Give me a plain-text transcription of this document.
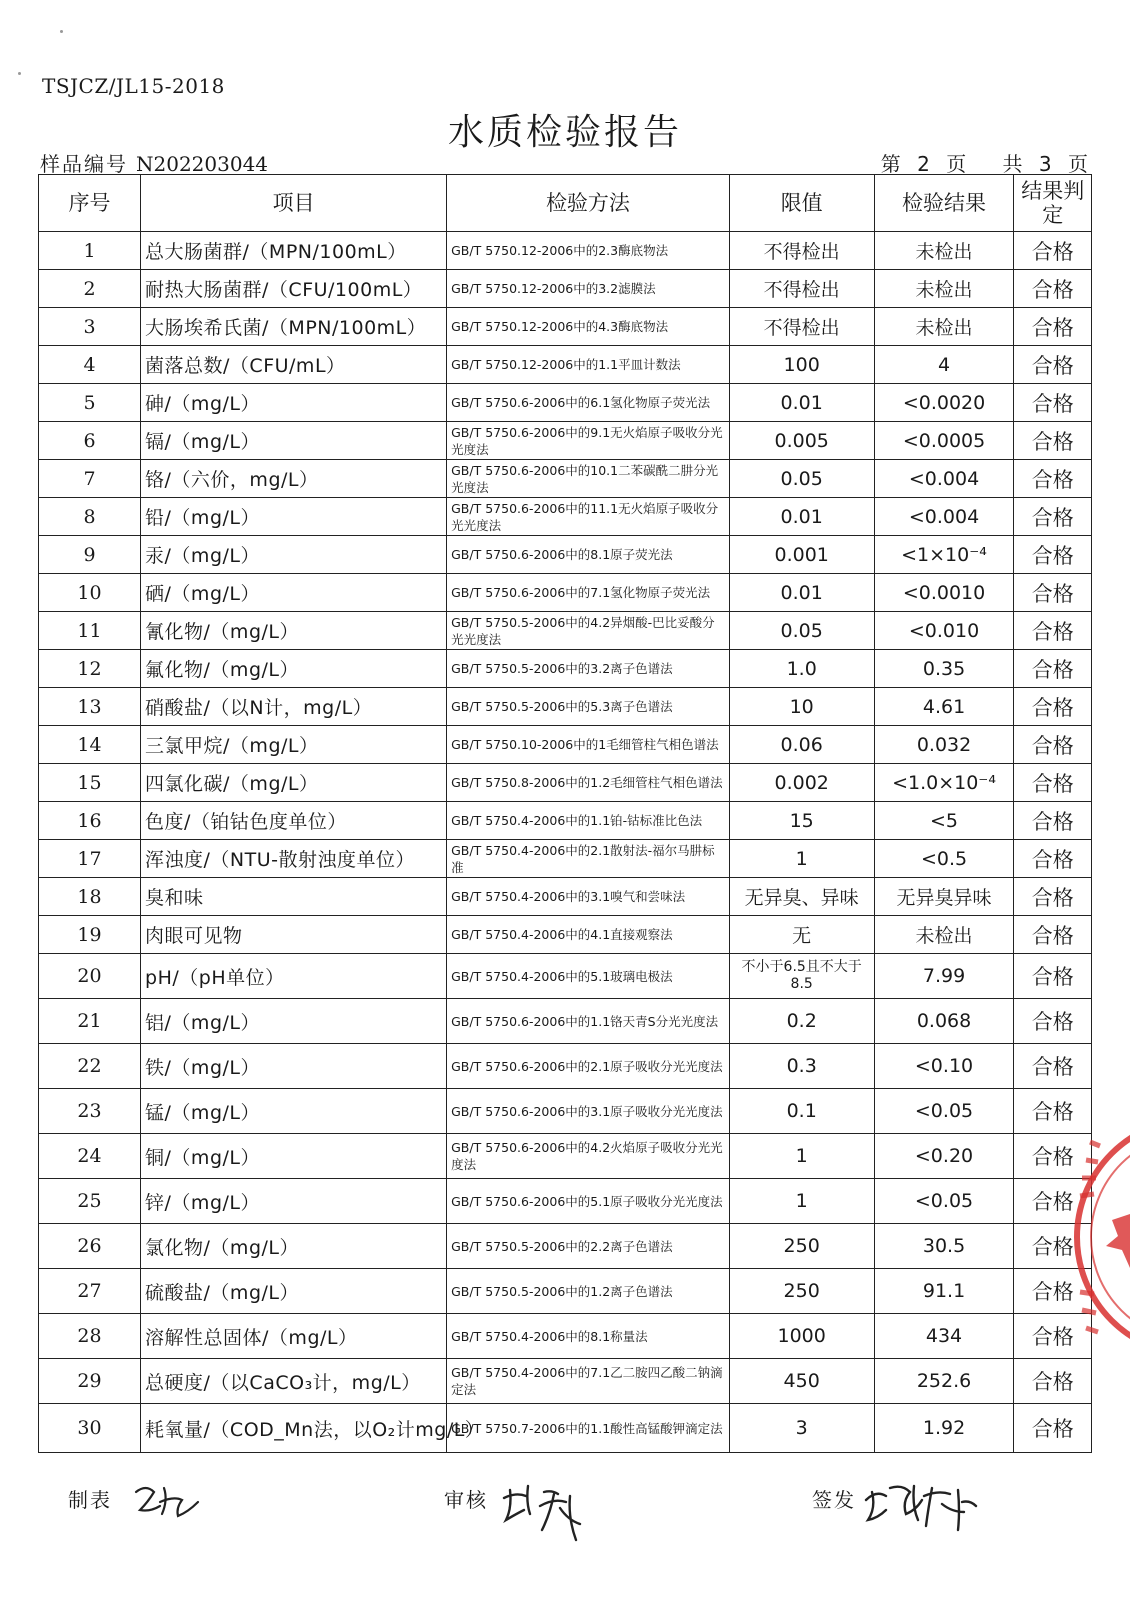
TSJCZ/JL15-2018
水质检验报告
样品编号 N202203044	第 2 页 共 3 页
序号	项目	检验方法	限值	检验结果	结果判定
1	总大肠菌群/（MPN/100mL）	GB/T 5750.12-2006中的2.3酶底物法	不得检出	未检出	合格
2	耐热大肠菌群/（CFU/100mL）	GB/T 5750.12-2006中的3.2滤膜法	不得检出	未检出	合格
3	大肠埃希氏菌/（MPN/100mL）	GB/T 5750.12-2006中的4.3酶底物法	不得检出	未检出	合格
4	菌落总数/（CFU/mL）	GB/T 5750.12-2006中的1.1平皿计数法	100	4	合格
5	砷/（mg/L）	GB/T 5750.6-2006中的6.1氢化物原子荧光法	0.01	<0.0020	合格
6	镉/（mg/L）	GB/T 5750.6-2006中的9.1无火焰原子吸收分光光度法	0.005	<0.0005	合格
7	铬/（六价，mg/L）	GB/T 5750.6-2006中的10.1二苯碳酰二肼分光光度法	0.05	<0.004	合格
8	铅/（mg/L）	GB/T 5750.6-2006中的11.1无火焰原子吸收分光光度法	0.01	<0.004	合格
9	汞/（mg/L）	GB/T 5750.6-2006中的8.1原子荧光法	0.001	<1×10⁻⁴	合格
10	硒/（mg/L）	GB/T 5750.6-2006中的7.1氢化物原子荧光法	0.01	<0.0010	合格
11	氰化物/（mg/L）	GB/T 5750.5-2006中的4.2异烟酸-巴比妥酸分光光度法	0.05	<0.010	合格
12	氟化物/（mg/L）	GB/T 5750.5-2006中的3.2离子色谱法	1.0	0.35	合格
13	硝酸盐/（以N计，mg/L）	GB/T 5750.5-2006中的5.3离子色谱法	10	4.61	合格
14	三氯甲烷/（mg/L）	GB/T 5750.10-2006中的1毛细管柱气相色谱法	0.06	0.032	合格
15	四氯化碳/（mg/L）	GB/T 5750.8-2006中的1.2毛细管柱气相色谱法	0.002	<1.0×10⁻⁴	合格
16	色度/（铂钴色度单位）	GB/T 5750.4-2006中的1.1铂-钴标准比色法	15	<5	合格
17	浑浊度/（NTU-散射浊度单位）	GB/T 5750.4-2006中的2.1散射法-福尔马肼标准	1	<0.5	合格
18	臭和味	GB/T 5750.4-2006中的3.1嗅气和尝味法	无异臭、异味	无异臭异味	合格
19	肉眼可见物	GB/T 5750.4-2006中的4.1直接观察法	无	未检出	合格
20	pH/（pH单位）	GB/T 5750.4-2006中的5.1玻璃电极法	不小于6.5且不大于8.5	7.99	合格
21	铝/（mg/L）	GB/T 5750.6-2006中的1.1铬天青S分光光度法	0.2	0.068	合格
22	铁/（mg/L）	GB/T 5750.6-2006中的2.1原子吸收分光光度法	0.3	<0.10	合格
23	锰/（mg/L）	GB/T 5750.6-2006中的3.1原子吸收分光光度法	0.1	<0.05	合格
24	铜/（mg/L）	GB/T 5750.6-2006中的4.2火焰原子吸收分光光度法	1	<0.20	合格
25	锌/（mg/L）	GB/T 5750.6-2006中的5.1原子吸收分光光度法	1	<0.05	合格
26	氯化物/（mg/L）	GB/T 5750.5-2006中的2.2离子色谱法	250	30.5	合格
27	硫酸盐/（mg/L）	GB/T 5750.5-2006中的1.2离子色谱法	250	91.1	合格
28	溶解性总固体/（mg/L）	GB/T 5750.4-2006中的8.1称量法	1000	434	合格
29	总硬度/（以CaCO₃计，mg/L）	GB/T 5750.4-2006中的7.1乙二胺四乙酸二钠滴定法	450	252.6	合格
30	耗氧量/（COD_Mn法，以O₂计mg/L）	GB/T 5750.7-2006中的1.1酸性高锰酸钾滴定法	3	1.92	合格
制表	审核	签发
